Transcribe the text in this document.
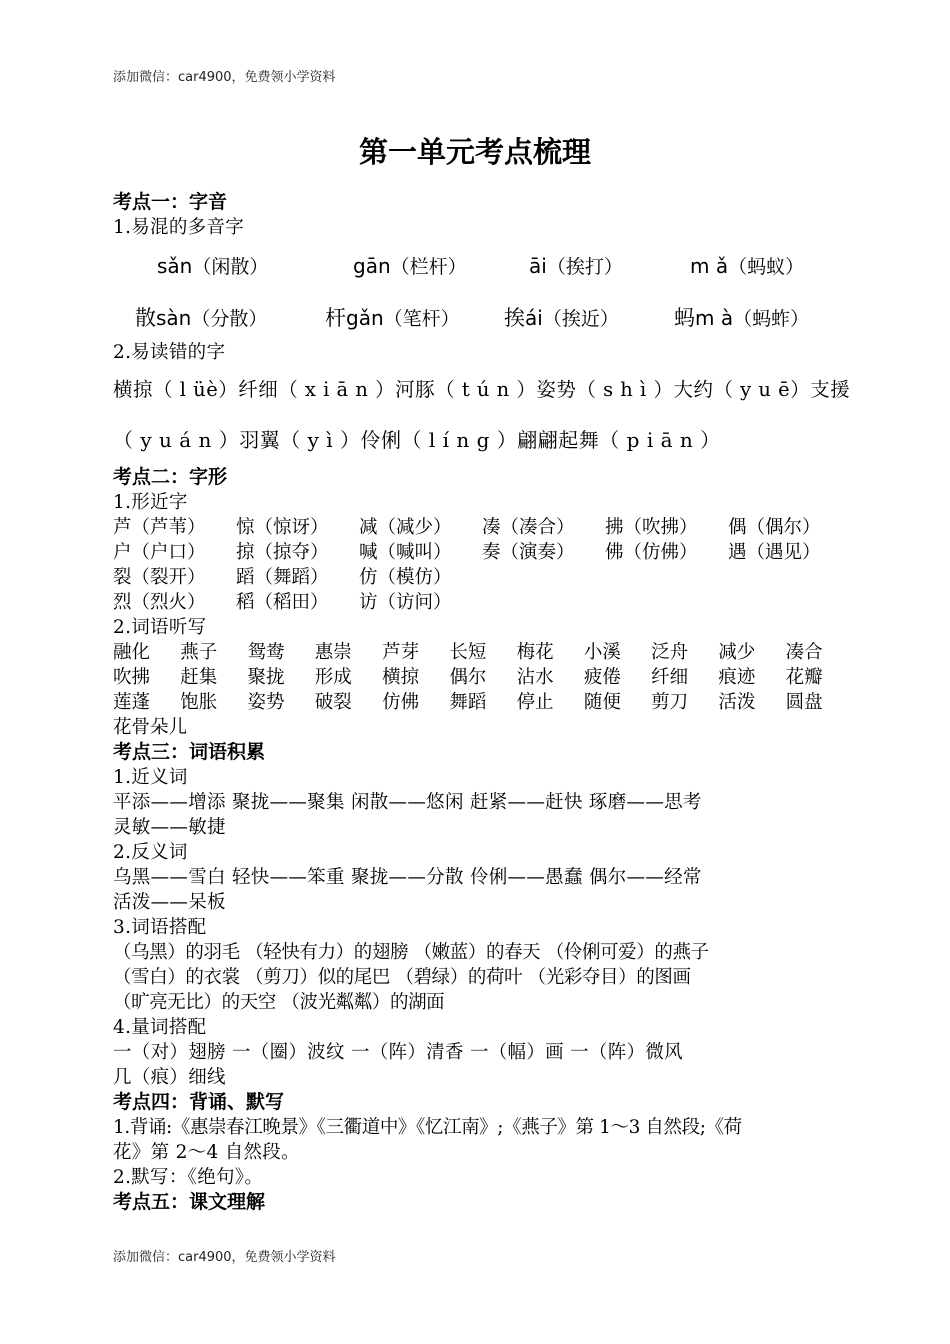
添加微信：car4900，免费领小学资料
第一单元考点梳理
考点一：字音
1.易混的多音字
sǎn（闲散）	gān（栏杆）	āi（挨打）	m ǎ（蚂蚁）
散sàn（分散）	杆gǎn（笔杆） 挨ái（挨近）	蚂m à（蚂蚱）
2.易读错的字
横掠（ l üè）纤细（ x i ā n ）河豚（ t ú n ）姿势（ s h ì ）大约（ y u ē）支援
（ y u á n ）羽翼（ y ì ）伶俐（ l í n g ）翩翩起舞（ p i ā n ）
考点二：字形
1.形近字
芦（芦苇）	惊（惊讶）	减（减少）	凑（凑合）	拂（吹拂）	偶（偶尔）
户（户口）	掠（掠夺）	喊（喊叫）	奏（演奏）	佛（仿佛）	遇（遇见）
裂（裂开）	蹈（舞蹈）	仿（模仿）
烈（烈火）	稻（稻田）	访（访问）
2.词语听写
融化	燕子	鸳鸯	惠崇	芦芽	长短	梅花	小溪	泛舟	减少	凑合
吹拂	赶集	聚拢	形成	横掠	偶尔	沾水	疲倦	纤细	痕迹	花瓣
莲蓬	饱胀	姿势	破裂	仿佛	舞蹈	停止	随便	剪刀	活泼	圆盘
花骨朵儿
考点三：词语积累
1.近义词
平添——增添 聚拢——聚集 闲散——悠闲 赶紧——赶快 琢磨——思考
灵敏——敏捷
2.反义词
乌黑——雪白 轻快——笨重 聚拢——分散 伶俐——愚蠢 偶尔——经常
活泼——呆板
3.词语搭配
（乌黑）的羽毛 （轻快有力）的翅膀 （嫩蓝）的春天 （伶俐可爱）的燕子
（雪白）的衣裳 （剪刀）似的尾巴 （碧绿）的荷叶 （光彩夺目）的图画
（旷亮无比）的天空 （波光粼粼）的湖面
4.量词搭配
一（对）翅膀 一（圈）波纹 一（阵）清香 一（幅）画 一（阵）微风
几（痕）细线
考点四：背诵、默写
1.背诵:《惠崇春江晚景》《三衢道中》《忆江南》;《燕子》第 1～3 自然段;《荷
花》第 2～4 自然段。
2.默写：《绝句》。
考点五：课文理解
添加微信：car4900，免费领小学资料
